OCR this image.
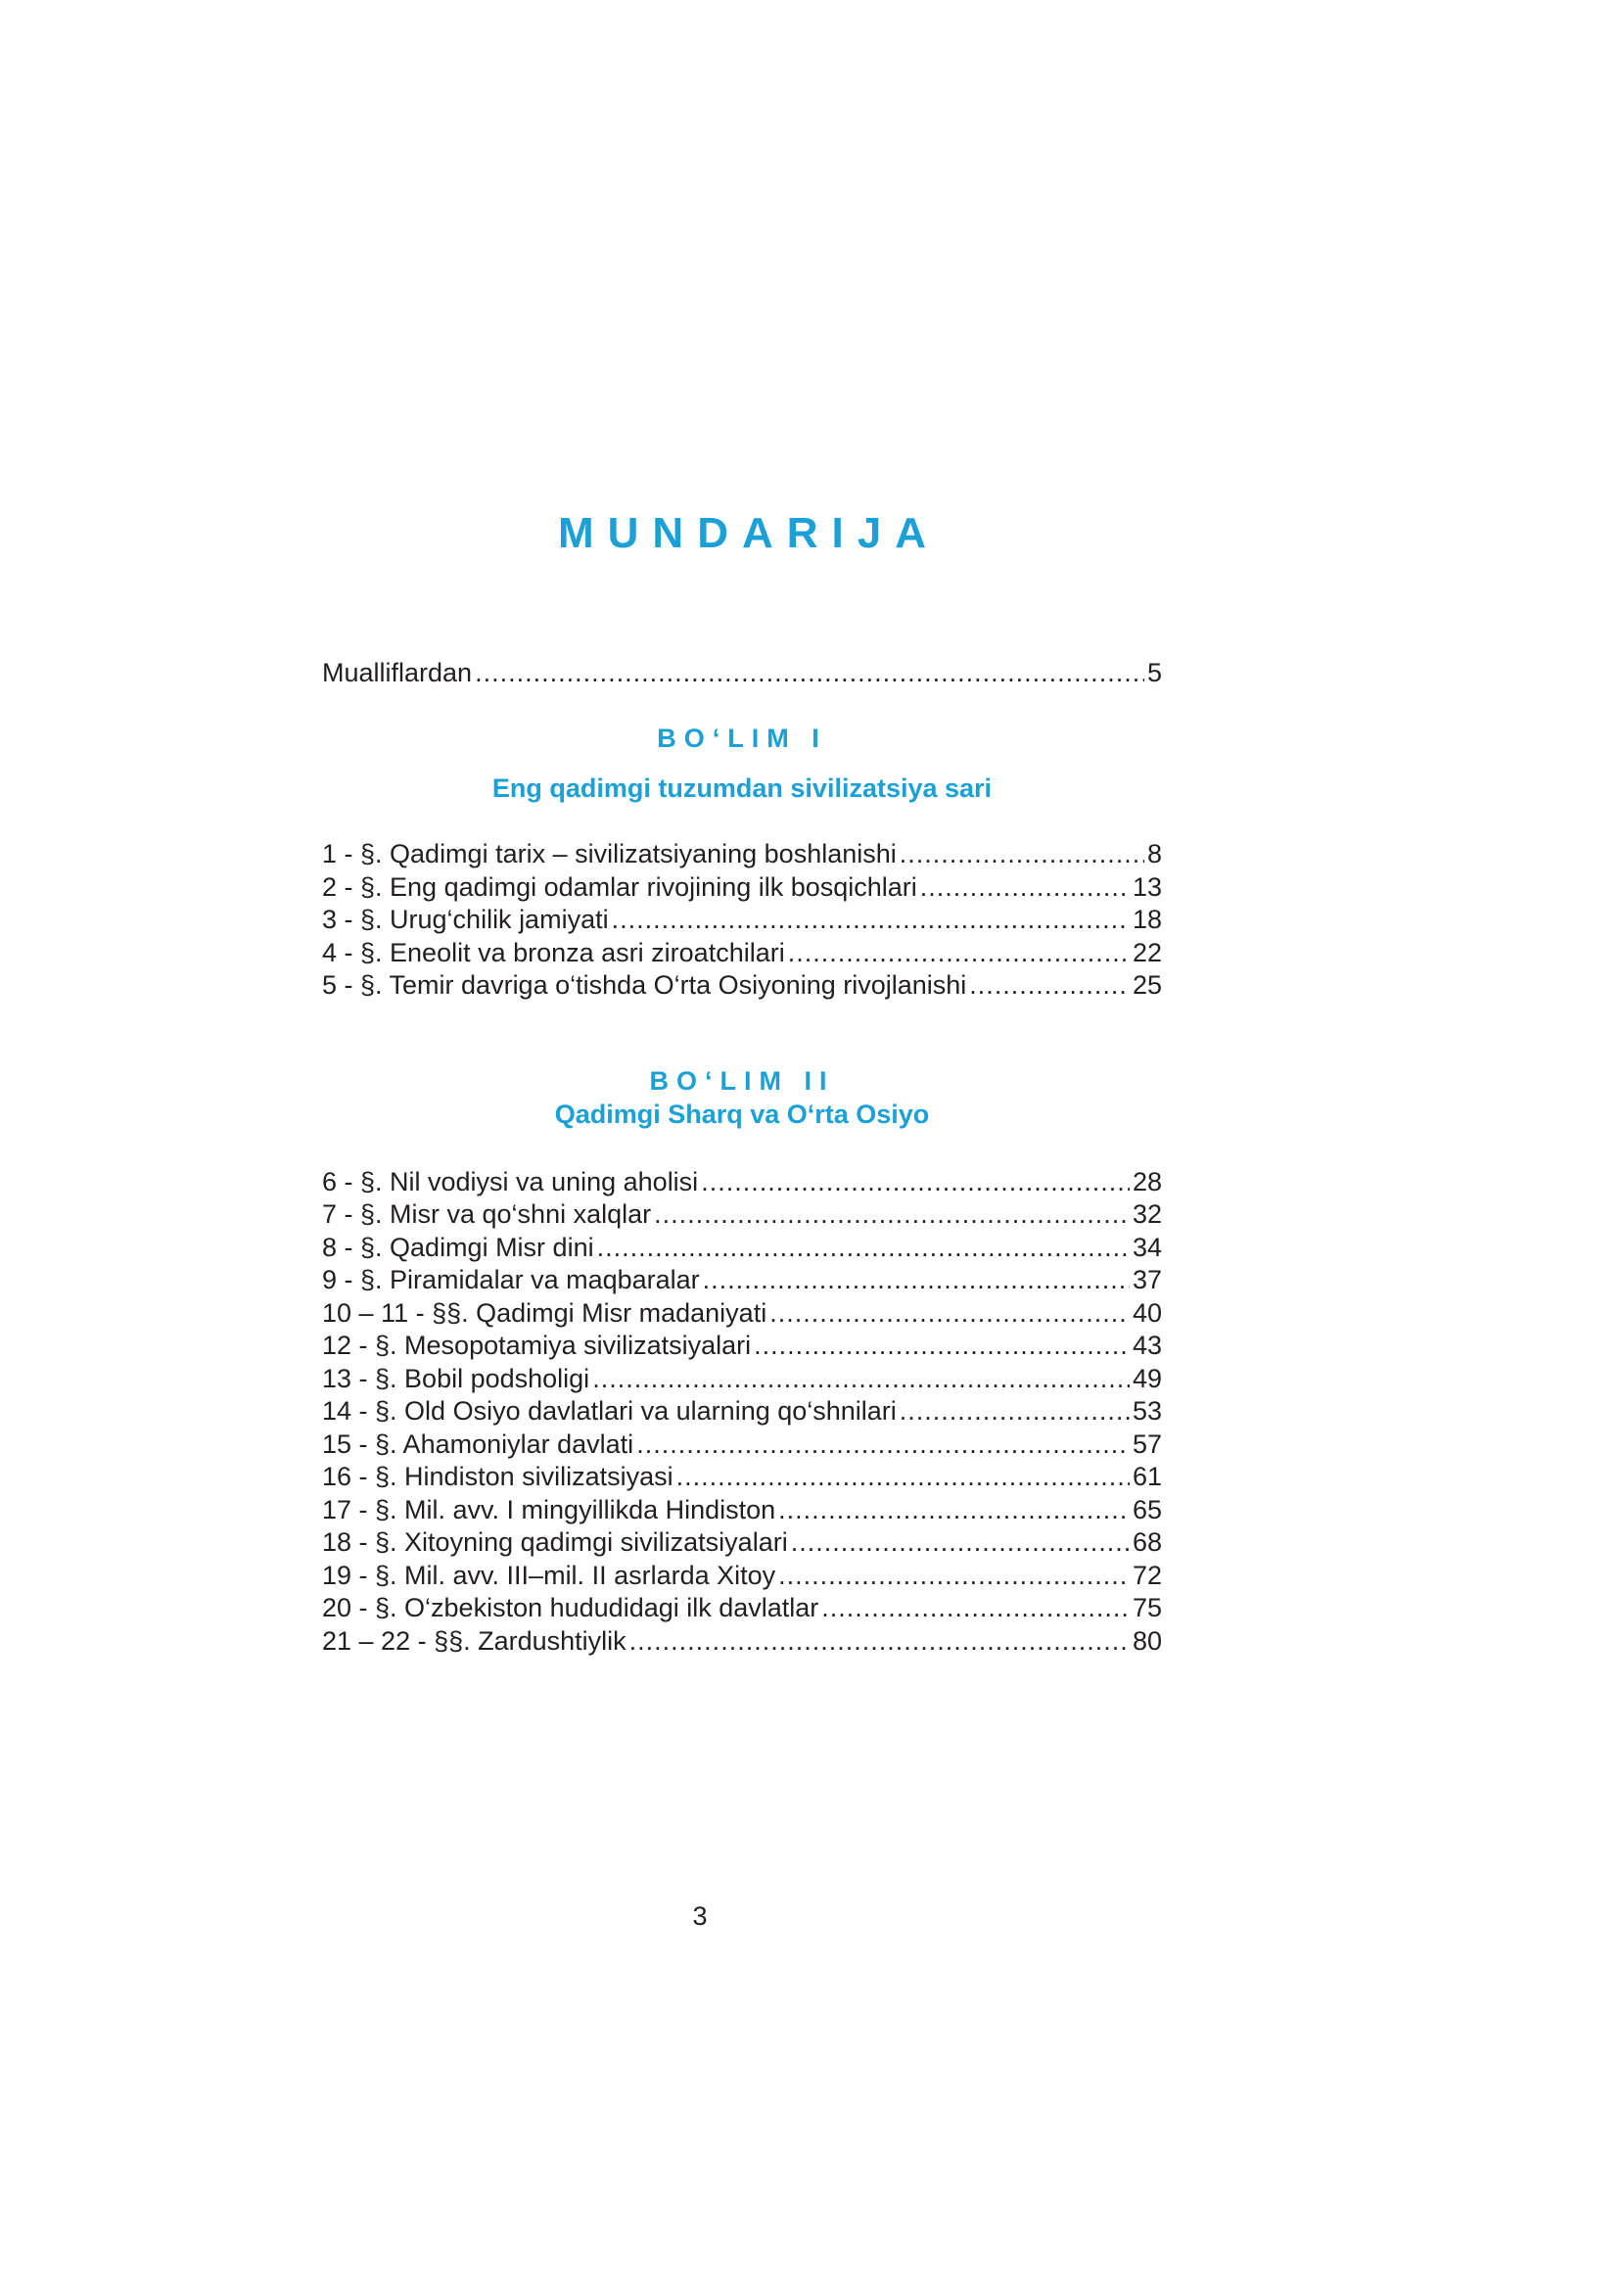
MUNDARIJA
Mualliflardan .....	5
BO‘LIM I
Eng qadimgi tuzumdan sivilizatsiya sari
1 - §. Qadimgi tarix – sivilizatsiyaning boshlanishi .....	8
2 - §. Eng qadimgi odamlar rivojining ilk bosqichlari .....	13
3 - §. Urug‘chilik jamiyati .....	18
4 - §. Eneolit va bronza asri ziroatchilari .....	22
5 - §. Temir davriga o‘tishda O‘rta Osiyoning rivojlanishi .....	25
BO‘LIM II
Qadimgi Sharq va O‘rta Osiyo
6 - §. Nil vodiysi va uning aholisi .....	28
7 - §. Misr va qo‘shni xalqlar .....	32
8 - §. Qadimgi Misr dini .....	34
9 - §. Piramidalar va maqbaralar .....	37
10 – 11 - §§. Qadimgi Misr madaniyati .....	40
12 - §. Mesopotamiya sivilizatsiyalari .....	43
13 - §. Bobil podsholigi .....	49
14 - §. Old Osiyo davlatlari va ularning qo‘shnilari .....	53
15 - §. Ahamoniylar davlati .....	57
16 - §. Hindiston sivilizatsiyasi .....	61
17 - §. Mil. avv. I mingyillikda Hindiston .....	65
18 - §. Xitoyning qadimgi sivilizatsiyalari .....	68
19 - §. Mil. avv. III–mil. II asrlarda Xitoy .....	72
20 - §. O‘zbekiston hududidagi ilk davlatlar .....	75
21 – 22 - §§. Zardushtiylik .....	80
3
